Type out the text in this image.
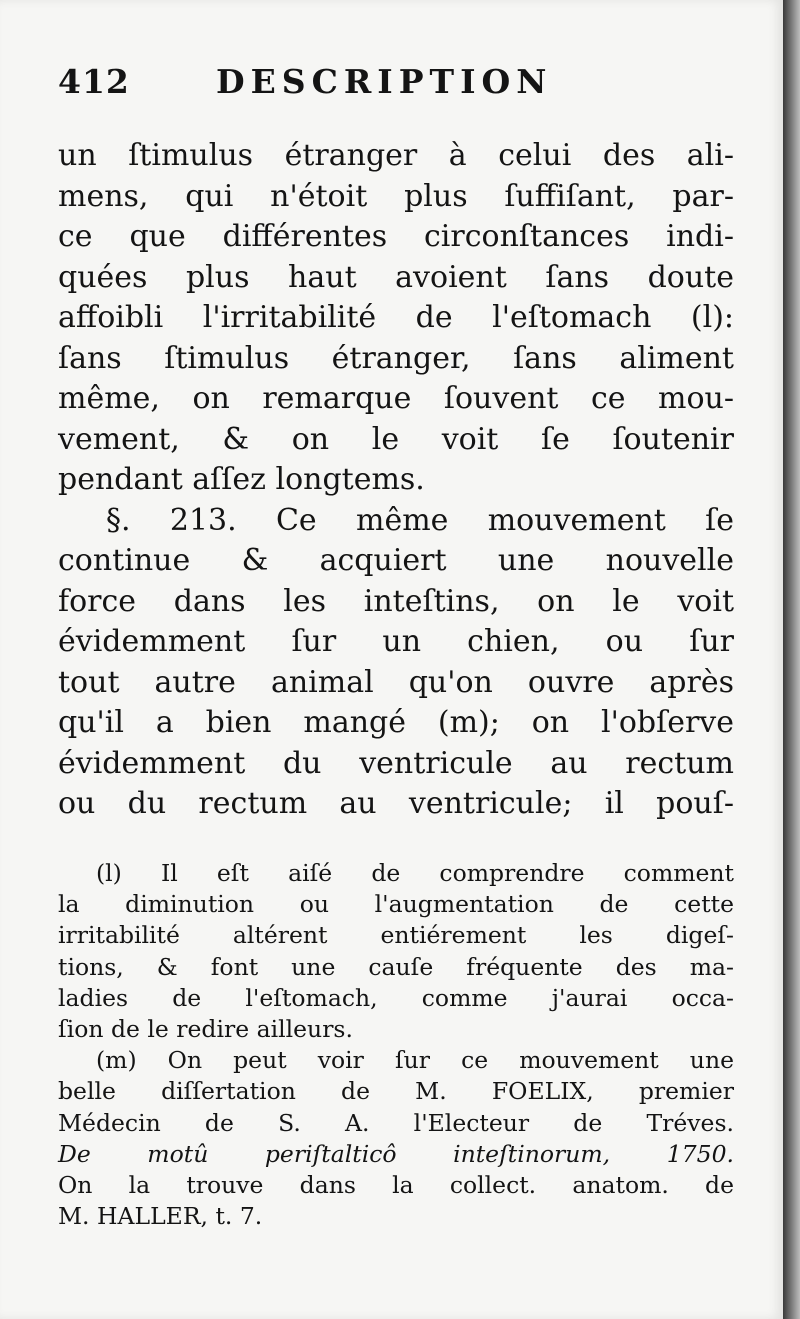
412	DESCRIPTION
un ſtimulus étranger à celui des ali-
mens, qui n'étoit plus ſuffiſant, par-
ce que différentes circonſtances indi-
quées plus haut avoient ſans doute
affoibli l'irritabilité de l'eſtomach (l):
ſans ſtimulus étranger, ſans aliment
même, on remarque ſouvent ce mou-
vement, & on le voit ſe ſoutenir
pendant aſſez longtems.
§. 213. Ce même mouvement ſe
continue & acquiert une nouvelle
force dans les inteſtins, on le voit
évidemment ſur un chien, ou ſur
tout autre animal qu'on ouvre après
qu'il a bien mangé (m); on l'obſerve
évidemment du ventricule au rectum
ou du rectum au ventricule; il pouſ-
(l) Il eſt aiſé de comprendre comment
la diminution ou l'augmentation de cette
irritabilité altérent entiérement les digeſ-
tions, & font une cauſe fréquente des ma-
ladies de l'eſtomach, comme j'aurai occa-
ſion de le redire ailleurs.
(m) On peut voir ſur ce mouvement une
belle diſſertation de M. FOELIX, premier
Médecin de S. A. l'Electeur de Tréves.
De motû periſtalticô inteſtinorum, 1750.
On la trouve dans la collect. anatom. de
M. HALLER, t. 7.
